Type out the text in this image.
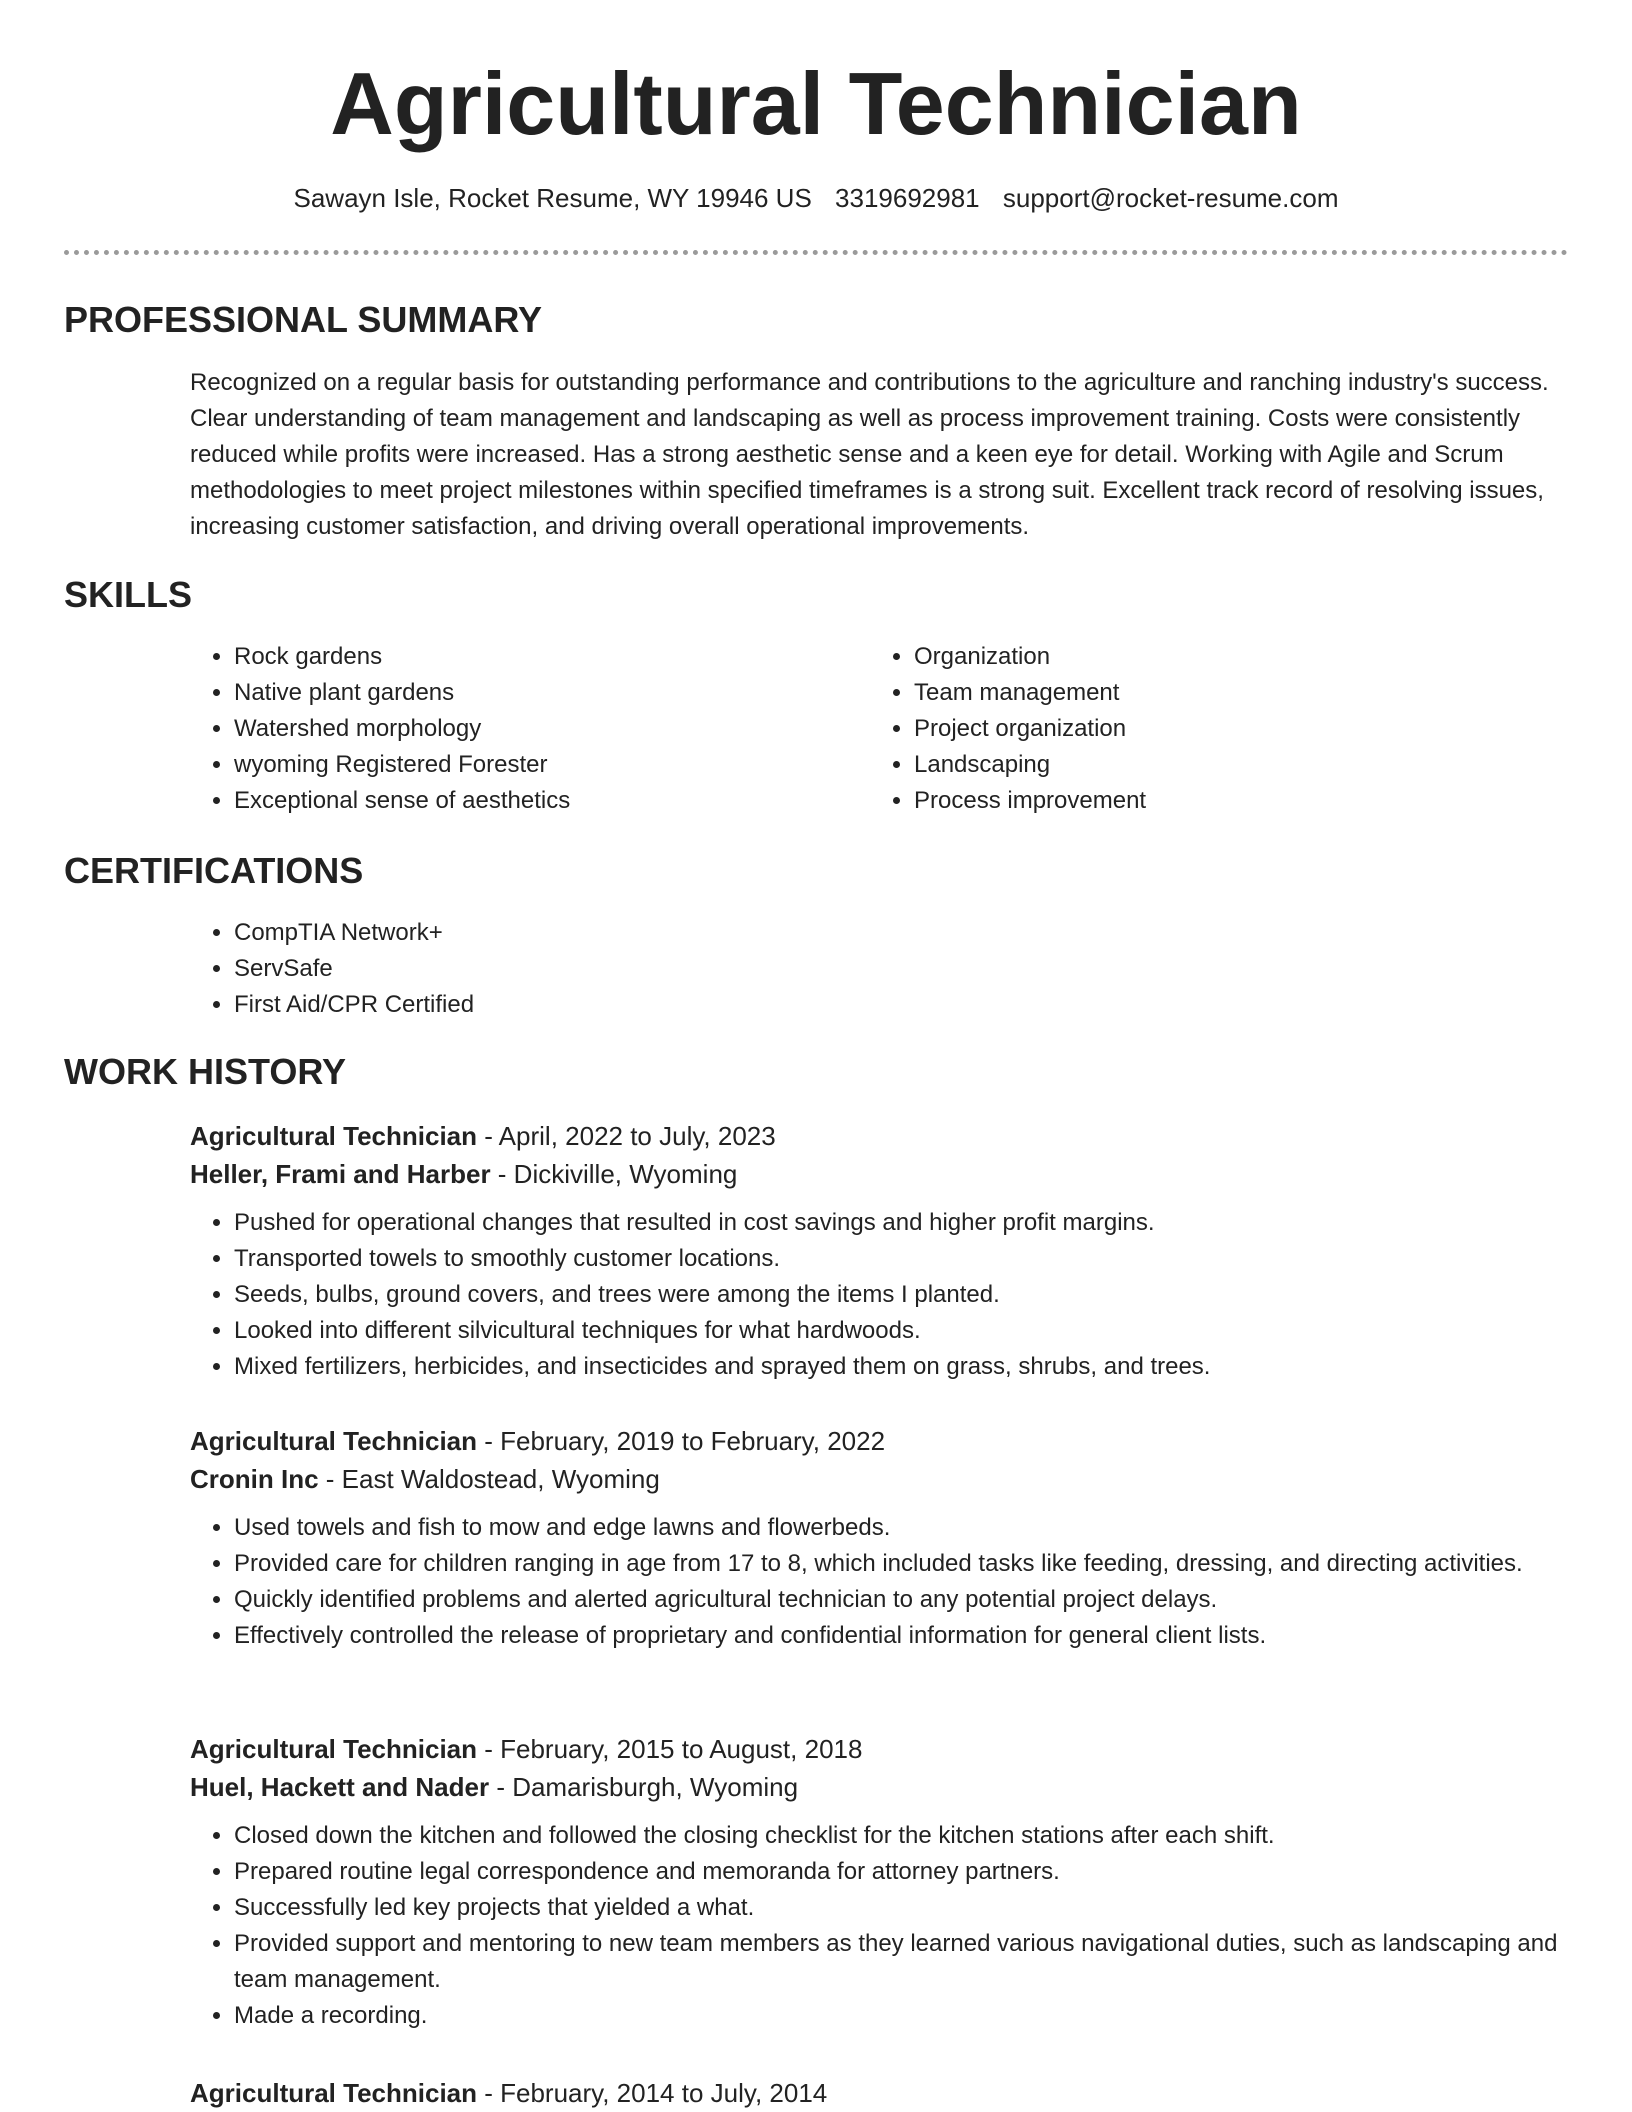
Agricultural Technician
Sawayn Isle, Rocket Resume, WY 19946 US 3319692981 support@rocket-resume.com
PROFESSIONAL SUMMARY

Recognized on a regular basis for outstanding performance and contributions to the agriculture and ranching industry's success. Clear understanding of team management and landscaping as well as process improvement training. Costs were consistently reduced while profits were increased. Has a strong aesthetic sense and a keen eye for detail. Working with Agile and Scrum methodologies to meet project milestones within specified timeframes is a strong suit. Excellent track record of resolving issues, increasing customer satisfaction, and driving overall operational improvements.

SKILLS
• Rock gardens
• Native plant gardens
• Watershed morphology
• wyoming Registered Forester
• Exceptional sense of aesthetics
• Organization
• Team management
• Project organization
• Landscaping
• Process improvement
CERTIFICATIONS
• CompTIA Network+
• ServSafe
• First Aid/CPR Certified
WORK HISTORY

Agricultural Technician - April, 2022 to July, 2023

Heller, Frami and Harber - Dickiville, Wyoming

• Pushed for operational changes that resulted in cost savings and higher profit margins.
• Transported towels to smoothly customer locations.
• Seeds, bulbs, ground covers, and trees were among the items I planted.
• Looked into different silvicultural techniques for what hardwoods.
• Mixed fertilizers, herbicides, and insecticides and sprayed them on grass, shrubs, and trees.

Agricultural Technician - February, 2019 to February, 2022

Cronin Inc - East Waldostead, Wyoming

• Used towels and fish to mow and edge lawns and flowerbeds.
• Provided care for children ranging in age from 17 to 8, which included tasks like feeding, dressing, and directing activities.
• Quickly identified problems and alerted agricultural technician to any potential project delays.
• Effectively controlled the release of proprietary and confidential information for general client lists.

Agricultural Technician - February, 2015 to August, 2018

Huel, Hackett and Nader - Damarisburgh, Wyoming

• Closed down the kitchen and followed the closing checklist for the kitchen stations after each shift.
• Prepared routine legal correspondence and memoranda for attorney partners.
• Successfully led key projects that yielded a what.
• Provided support and mentoring to new team members as they learned various navigational duties, such as landscaping and team management.
• Made a recording.

Agricultural Technician - February, 2014 to July, 2014
